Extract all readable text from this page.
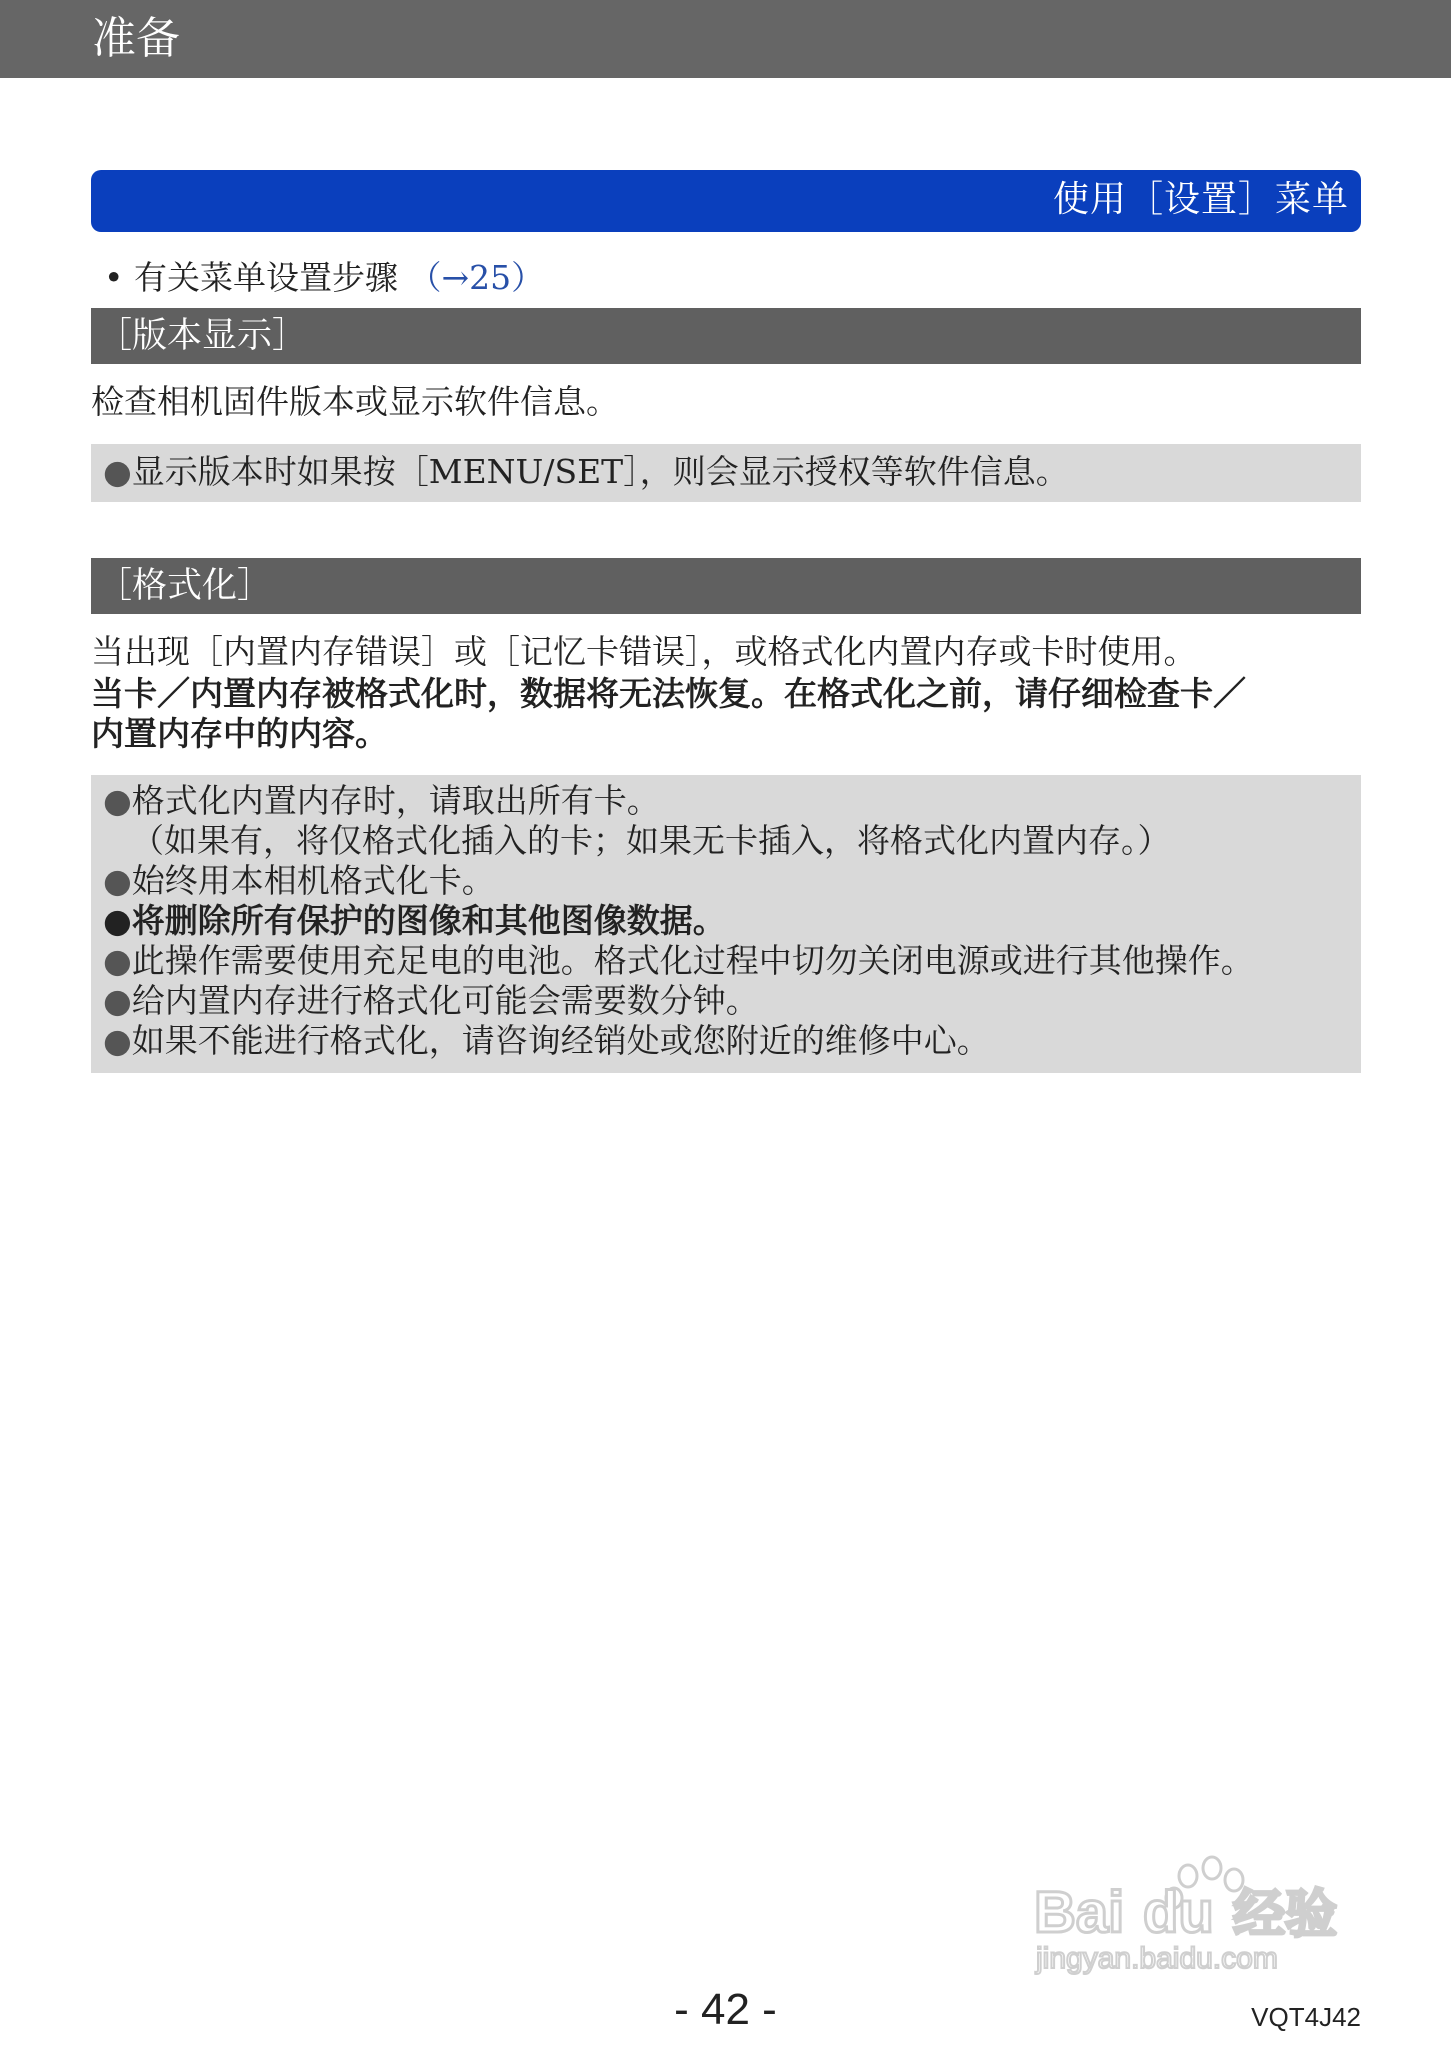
准备
使用［设置］菜单
• 有关菜单设置步骤 （→25）
［版本显示］
检查相机固件版本或显示软件信息。
●显示版本时如果按［MENU/SET］，则会显示授权等软件信息。
［格式化］
当出现［内置内存错误］或［记忆卡错误］，或格式化内置内存或卡时使用。
当卡／内置内存被格式化时，数据将无法恢复。在格式化之前，请仔细检查卡／
内置内存中的内容。
●格式化内置内存时，请取出所有卡。
（如果有，将仅格式化插入的卡；如果无卡插入，将格式化内置内存。）
●始终用本相机格式化卡。
●将删除所有保护的图像和其他图像数据。
●此操作需要使用充足电的电池。格式化过程中切勿关闭电源或进行其他操作。
●给内置内存进行格式化可能会需要数分钟。
●如果不能进行格式化，请咨询经销处或您附近的维修中心。
Bai du 经验
jingyan.baidu.com
- 42 -	VQT4J42
